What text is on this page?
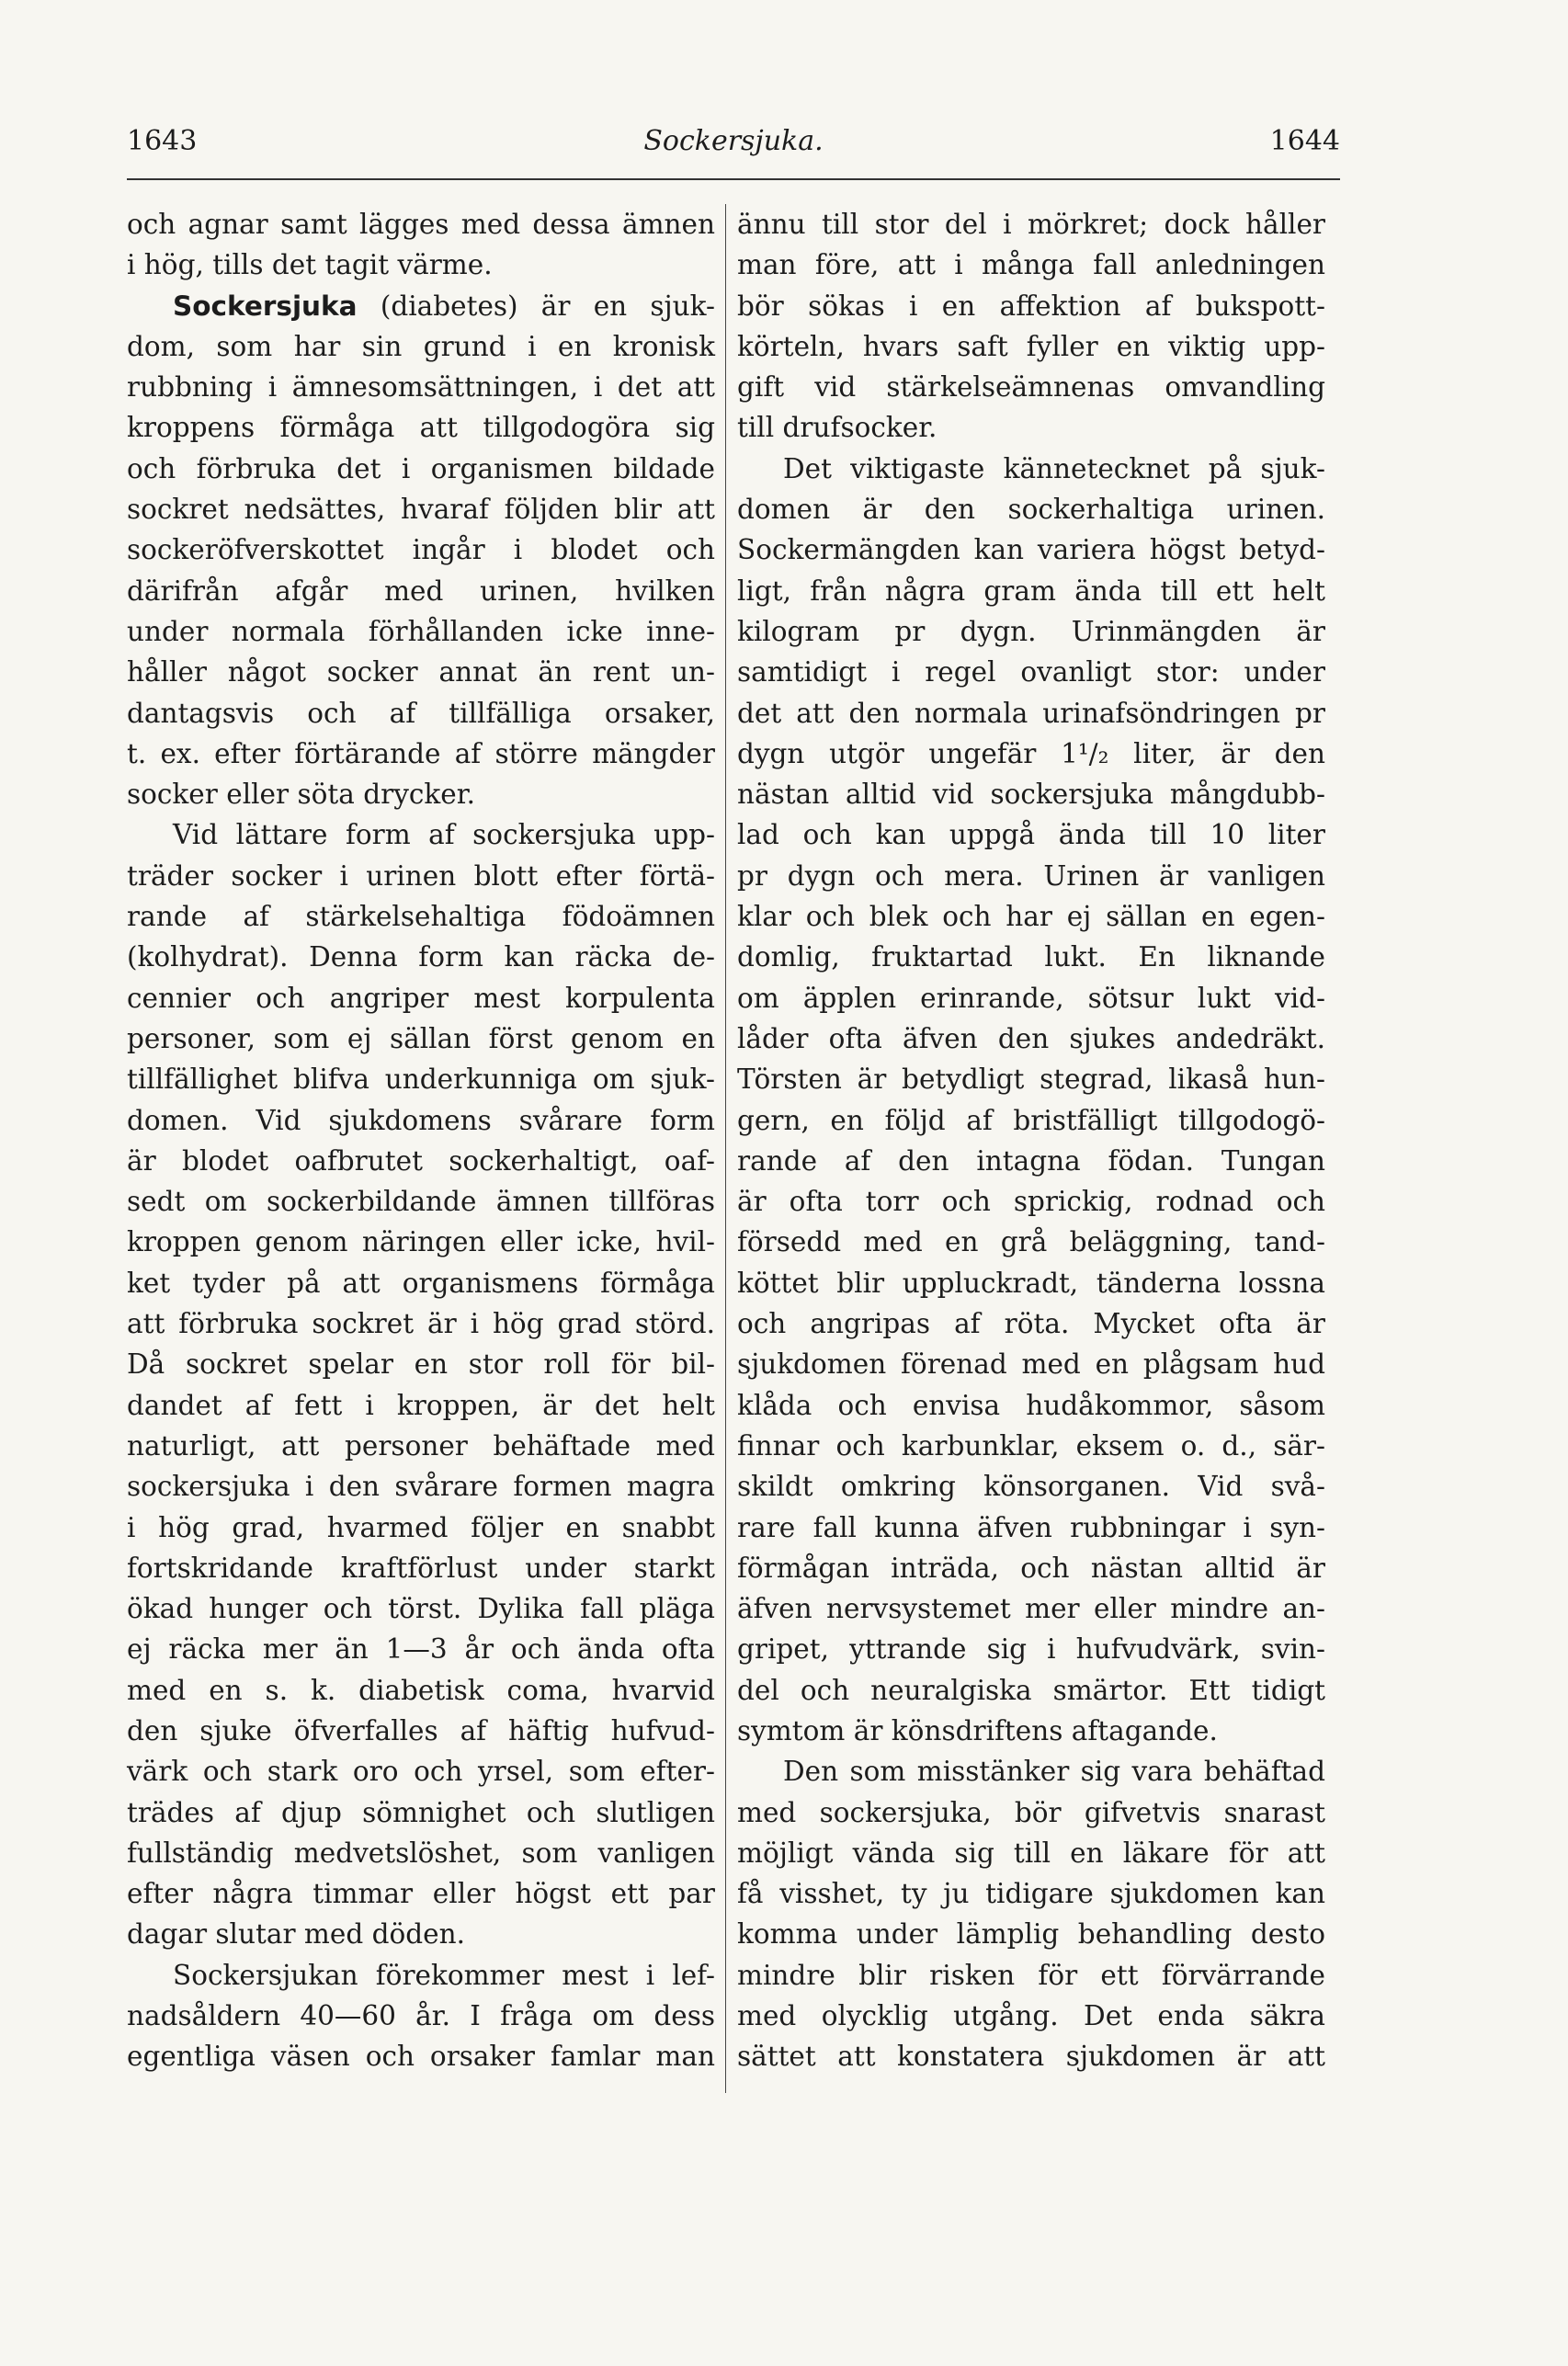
1643	Sockersjuka.	1644
och agnar samt lägges med dessa ämnen
i hög, tills det tagit värme.
Sockersjuka (diabetes) är en sjuk-
dom, som har sin grund i en kronisk
rubbning i ämnesomsättningen, i det att
kroppens förmåga att tillgodogöra sig
och förbruka det i organismen bildade
sockret nedsättes, hvaraf följden blir att
sockeröfverskottet ingår i blodet och
därifrån afgår med urinen, hvilken
under normala förhållanden icke inne-
håller något socker annat än rent un-
dantagsvis och af tillfälliga orsaker,
t. ex. efter förtärande af större mängder
socker eller söta drycker.
Vid lättare form af sockersjuka upp-
träder socker i urinen blott efter förtä-
rande af stärkelsehaltiga födoämnen
(kolhydrat). Denna form kan räcka de-
cennier och angriper mest korpulenta
personer, som ej sällan först genom en
tillfällighet blifva underkunniga om sjuk-
domen. Vid sjukdomens svårare form
är blodet oafbrutet sockerhaltigt, oaf-
sedt om sockerbildande ämnen tillföras
kroppen genom näringen eller icke, hvil-
ket tyder på att organismens förmåga
att förbruka sockret är i hög grad störd.
Då sockret spelar en stor roll för bil-
dandet af fett i kroppen, är det helt
naturligt, att personer behäftade med
sockersjuka i den svårare formen magra
i hög grad, hvarmed följer en snabbt
fortskridande kraftförlust under starkt
ökad hunger och törst. Dylika fall pläga
ej räcka mer än 1—3 år och ända ofta
med en s. k. diabetisk coma, hvarvid
den sjuke öfverfalles af häftig hufvud-
värk och stark oro och yrsel, som efter-
trädes af djup sömnighet och slutligen
fullständig medvetslöshet, som vanligen
efter några timmar eller högst ett par
dagar slutar med döden.
Sockersjukan förekommer mest i lef-
nadsåldern 40—60 år. I fråga om dess
egentliga väsen och orsaker famlar man
ännu till stor del i mörkret; dock håller
man före, att i många fall anledningen
bör sökas i en affektion af bukspott-
körteln, hvars saft fyller en viktig upp-
gift vid stärkelseämnenas omvandling
till drufsocker.
Det viktigaste kännetecknet på sjuk-
domen är den sockerhaltiga urinen.
Sockermängden kan variera högst betyd-
ligt, från några gram ända till ett helt
kilogram pr dygn. Urinmängden är
samtidigt i regel ovanligt stor: under
det att den normala urinafsöndringen pr
dygn utgör ungefär 1¹/₂ liter, är den
nästan alltid vid sockersjuka mångdubb-
lad och kan uppgå ända till 10 liter
pr dygn och mera. Urinen är vanligen
klar och blek och har ej sällan en egen-
domlig, fruktartad lukt. En liknande
om äpplen erinrande, sötsur lukt vid-
låder ofta äfven den sjukes andedräkt.
Törsten är betydligt stegrad, likaså hun-
gern, en följd af bristfälligt tillgodogö-
rande af den intagna födan. Tungan
är ofta torr och sprickig, rodnad och
försedd med en grå beläggning, tand-
köttet blir uppluckradt, tänderna lossna
och angripas af röta. Mycket ofta är
sjukdomen förenad med en plågsam hud
klåda och envisa hudåkommor, såsom
finnar och karbunklar, eksem o. d., sär-
skildt omkring könsorganen. Vid svå-
rare fall kunna äfven rubbningar i syn-
förmågan inträda, och nästan alltid är
äfven nervsystemet mer eller mindre an-
gripet, yttrande sig i hufvudvärk, svin-
del och neuralgiska smärtor. Ett tidigt
symtom är könsdriftens aftagande.
Den som misstänker sig vara behäftad
med sockersjuka, bör gifvetvis snarast
möjligt vända sig till en läkare för att
få visshet, ty ju tidigare sjukdomen kan
komma under lämplig behandling desto
mindre blir risken för ett förvärrande
med olycklig utgång. Det enda säkra
sättet att konstatera sjukdomen är att
